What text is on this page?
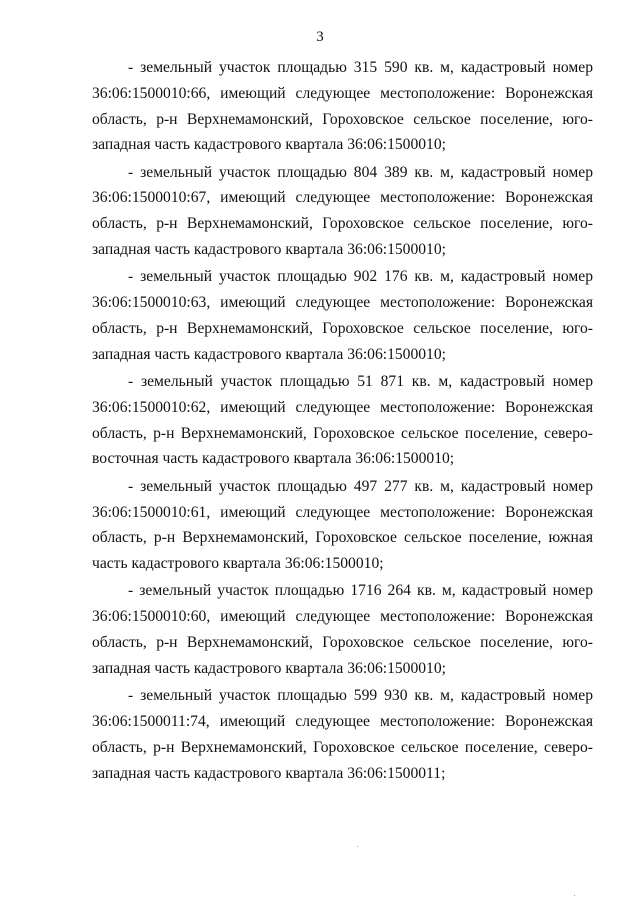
3

- земельный участок площадью 315 590 кв. м, кадастровый номер 36:06:1500010:66, имеющий следующее местоположение: Воронежская область, р-н Верхнемамонский, Гороховское сельское поселение, юго-западная часть кадастрового квартала 36:06:1500010;

- земельный участок площадью 804 389 кв. м, кадастровый номер 36:06:1500010:67, имеющий следующее местоположение: Воронежская область, р-н Верхнемамонский, Гороховское сельское поселение, юго-западная часть кадастрового квартала 36:06:1500010;

- земельный участок площадью 902 176 кв. м, кадастровый номер 36:06:1500010:63, имеющий следующее местоположение: Воронежская область, р-н Верхнемамонский, Гороховское сельское поселение, юго-западная часть кадастрового квартала 36:06:1500010;

- земельный участок площадью 51 871 кв. м, кадастровый номер 36:06:1500010:62, имеющий следующее местоположение: Воронежская область, р-н Верхнемамонский, Гороховское сельское поселение, северо-восточная часть кадастрового квартала 36:06:1500010;

- земельный участок площадью 497 277 кв. м, кадастровый номер 36:06:1500010:61, имеющий следующее местоположение: Воронежская область, р-н Верхнемамонский, Гороховское сельское поселение, южная часть кадастрового квартала 36:06:1500010;

- земельный участок площадью 1716 264 кв. м, кадастровый номер 36:06:1500010:60, имеющий следующее местоположение: Воронежская область, р-н Верхнемамонский, Гороховское сельское поселение, юго-западная часть кадастрового квартала 36:06:1500010;

- земельный участок площадью 599 930 кв. м, кадастровый номер 36:06:1500011:74, имеющий следующее местоположение: Воронежская область, р-н Верхнемамонский, Гороховское сельское поселение, северо-западная часть кадастрового квартала 36:06:1500011;
